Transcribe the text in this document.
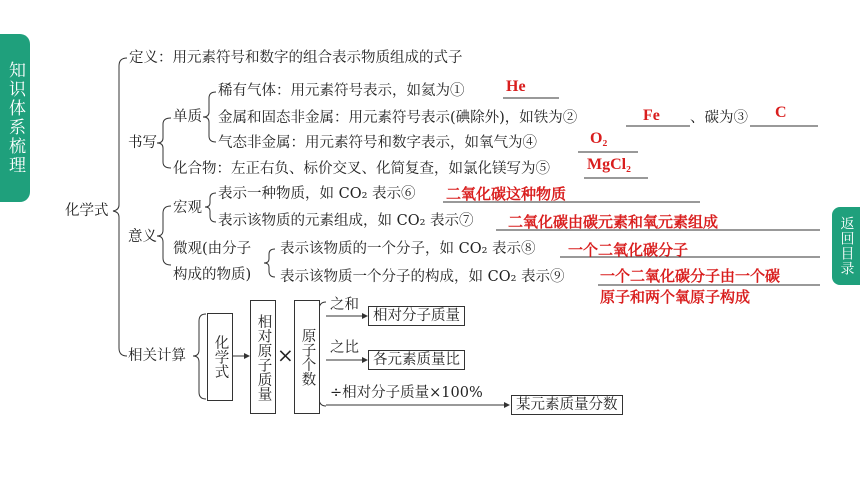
知识体系梳理
返回目录
化学式
定义：用元素符号和数字的组合表示物质组成的式子
书写
单质
稀有气体：用元素符号表示，如氦为①	He
金属和固态非金属：用元素符号表示(碘除外)，如铁为②	Fe 、碳为③ C
气态非金属：用元素符号和数字表示，如氧气为④	O₂
化合物：左正右负、标价交叉、化简复查，如氯化镁写为⑤ MgCl₂
意义
宏观
表示一种物质，如 CO₂ 表示⑥ 二氧化碳这种物质
表示该物质的元素组成，如 CO₂ 表示⑦ 二氧化碳由碳元素和氧元素组成
微观(由分子
构成的物质)
表示该物质的一个分子，如 CO₂ 表示⑧ 一个二氧化碳分子
表示该物质一个分子的构成，如 CO₂ 表示⑨ 一个二氧化碳分子由一个碳
原子和两个氧原子构成
相关计算	化学式	相对原子质量 × 原子个数
之和
相对分子质量
之比
各元素质量比
÷相对分子质量×100%
某元素质量分数
